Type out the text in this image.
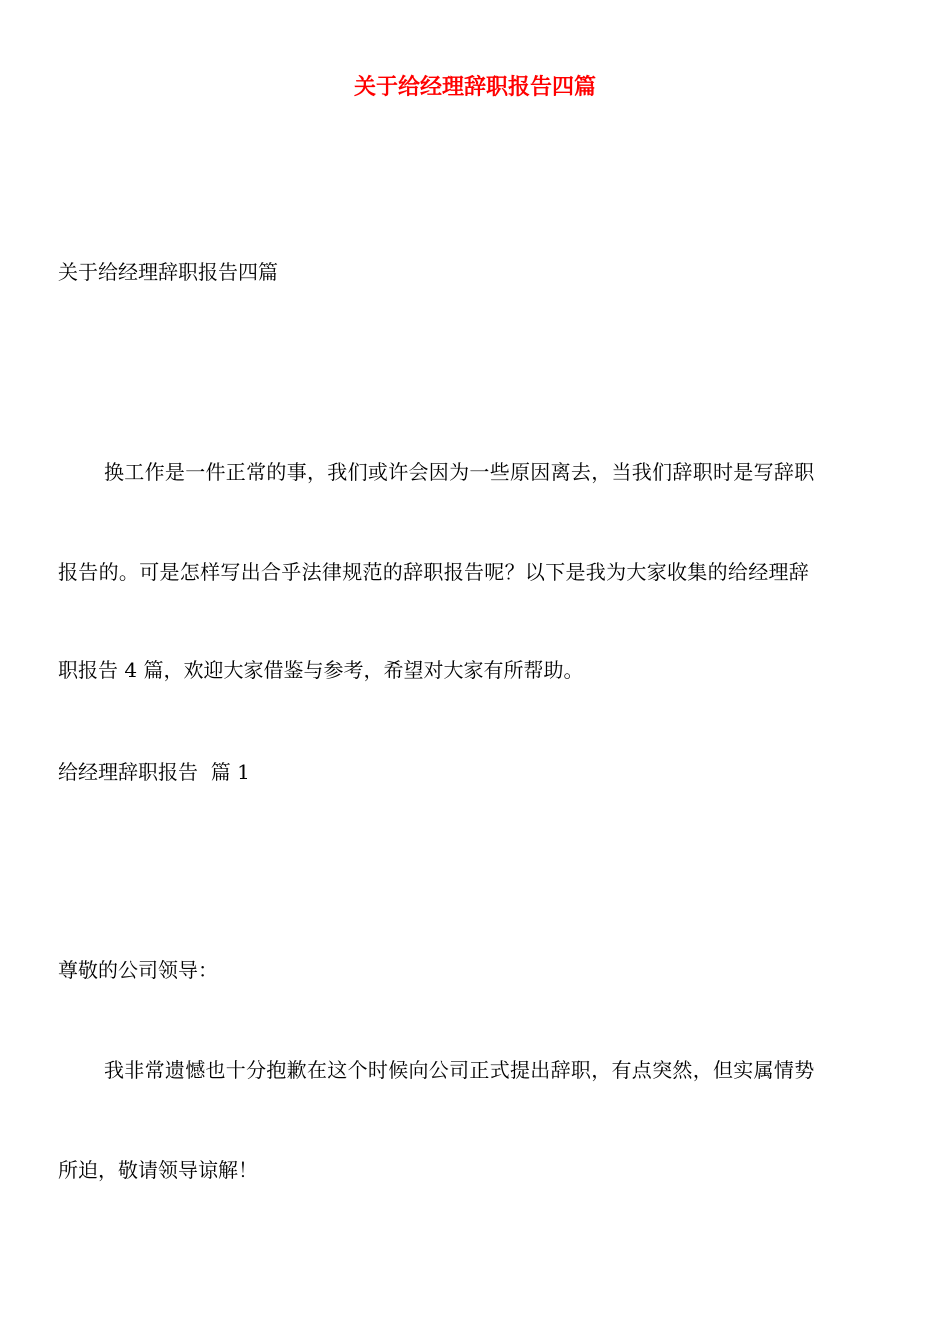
关于给经理辞职报告四篇

关于给经理辞职报告四篇

换工作是一件正常的事，我们或许会因为一些原因离去，当我们辞职时是写辞职

报告的。可是怎样写出合乎法律规范的辞职报告呢？以下是我为大家收集的给经理辞

职报告 4 篇，欢迎大家借鉴与参考，希望对大家有所帮助。

给经理辞职报告  篇 1

尊敬的公司领导：

我非常遗憾也十分抱歉在这个时候向公司正式提出辞职，有点突然，但实属情势

所迫，敬请领导谅解！
